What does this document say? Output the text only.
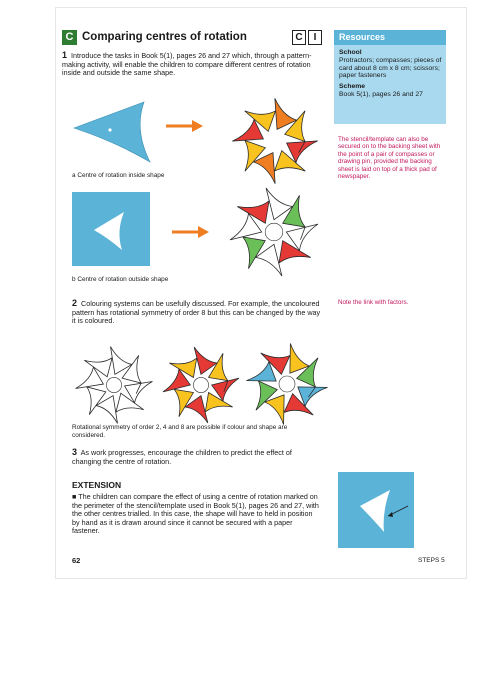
C Comparing centres of rotation	C	I
1 Introduce the tasks in Book 5(1), pages 26 and 27 which, through a pattern-making activity, will enable the children to compare different centres of rotation inside and outside the same shape.
a Centre of rotation inside shape
b Centre of rotation outside shape
2 Colouring systems can be usefully discussed. For example, the uncoloured pattern has rotational symmetry of order 8 but this can be changed by the way it is coloured.
Rotational symmetry of order 2, 4 and 8 are possible if colour and shape are considered.
3 As work progresses, encourage the children to predict the effect of changing the centre of rotation.
EXTENSION
■ The children can compare the effect of using a centre of rotation marked on the perimeter of the stencil/template used in Book 5(1), pages 26 and 27, with the other centres trialled. In this case, the shape will have to held in position by hand as it is drawn around since it cannot be secured with a paper fastener.
Resources
School
Protractors; compasses; pieces of card about 8 cm x 8 cm; scissors; paper fasteners
Scheme
Book 5(1), pages 26 and 27
The stencil/template can also be secured on to the backing sheet with the point of a pair of compasses or drawing pin, provided the backing sheet is laid on top of a thick pad of newspaper.
Note the link with factors.
62	STEPS 5
